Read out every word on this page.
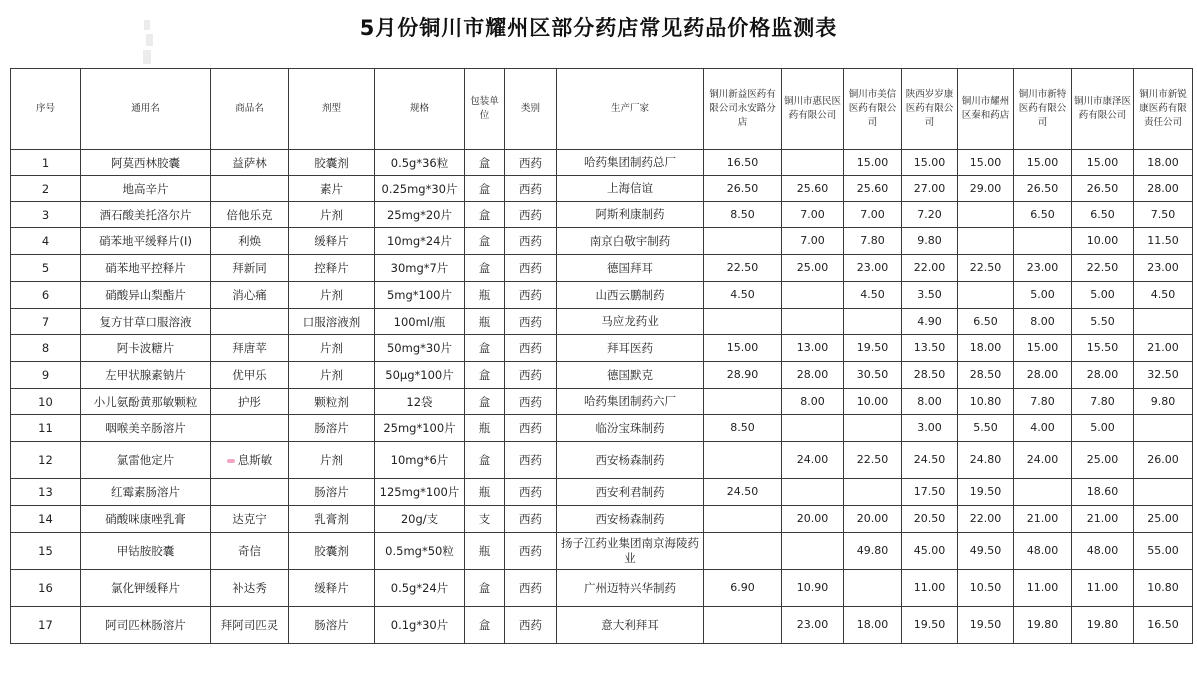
5月份铜川市耀州区部分药店常见药品价格监测表
序号	通用名	商品名	剂型	规格	包装单位	类别	生产厂家	铜川新益医药有限公司永安路分店	铜川市惠民医药有限公司	铜川市美信医药有限公司	陕西岁岁康医药有限公司	铜川市耀州区秦和药店	铜川市新特医药有限公司	铜川市康泽医药有限公司	铜川市新锐康医药有限责任公司
1	阿莫西林胶囊	益萨林	胶囊剂	0.5g*36粒	盒	西药	哈药集团制药总厂	16.50		15.00	15.00	15.00	15.00	15.00	18.00
2	地高辛片		素片	0.25mg*30片	盒	西药	上海信谊	26.50	25.60	25.60	27.00	29.00	26.50	26.50	28.00
3	酒石酸美托洛尔片	倍他乐克	片剂	25mg*20片	盒	西药	阿斯利康制药	8.50	7.00	7.00	7.20		6.50	6.50	7.50
4	硝苯地平缓释片(Ⅰ)	利焕	缓释片	10mg*24片	盒	西药	南京白敬宇制药		7.00	7.80	9.80			10.00	11.50
5	硝苯地平控释片	拜新同	控释片	30mg*7片	盒	西药	德国拜耳	22.50	25.00	23.00	22.00	22.50	23.00	22.50	23.00
6	硝酸异山梨酯片	消心痛	片剂	5mg*100片	瓶	西药	山西云鹏制药	4.50		4.50	3.50		5.00	5.00	4.50
7	复方甘草口服溶液		口服溶液剂	100ml/瓶	瓶	西药	马应龙药业				4.90	6.50	8.00	5.50	
8	阿卡波糖片	拜唐苹	片剂	50mg*30片	盒	西药	拜耳医药	15.00	13.00	19.50	13.50	18.00	15.00	15.50	21.00
9	左甲状腺素钠片	优甲乐	片剂	50μg*100片	盒	西药	德国默克	28.90	28.00	30.50	28.50	28.50	28.00	28.00	32.50
10	小儿氨酚黄那敏颗粒	护彤	颗粒剂	12袋	盒	西药	哈药集团制药六厂		8.00	10.00	8.00	10.80	7.80	7.80	9.80
11	咽喉美辛肠溶片		肠溶片	25mg*100片	瓶	西药	临汾宝珠制药	8.50			3.00	5.50	4.00	5.00	
12	氯雷他定片	息斯敏	片剂	10mg*6片	盒	西药	西安杨森制药		24.00	22.50	24.50	24.80	24.00	25.00	26.00
13	红霉素肠溶片		肠溶片	125mg*100片	瓶	西药	西安利君制药	24.50			17.50	19.50		18.60	
14	硝酸咪康唑乳膏	达克宁	乳膏剂	20g/支	支	西药	西安杨森制药		20.00	20.00	20.50	22.00	21.00	21.00	25.00
15	甲钴胺胶囊	奇信	胶囊剂	0.5mg*50粒	瓶	西药	扬子江药业集团南京海陵药业			49.80	45.00	49.50	48.00	48.00	55.00
16	氯化钾缓释片	补达秀	缓释片	0.5g*24片	盒	西药	广州迈特兴华制药	6.90	10.90		11.00	10.50	11.00	11.00	10.80
17	阿司匹林肠溶片	拜阿司匹灵	肠溶片	0.1g*30片	盒	西药	意大利拜耳		23.00	18.00	19.50	19.50	19.80	19.80	16.50
